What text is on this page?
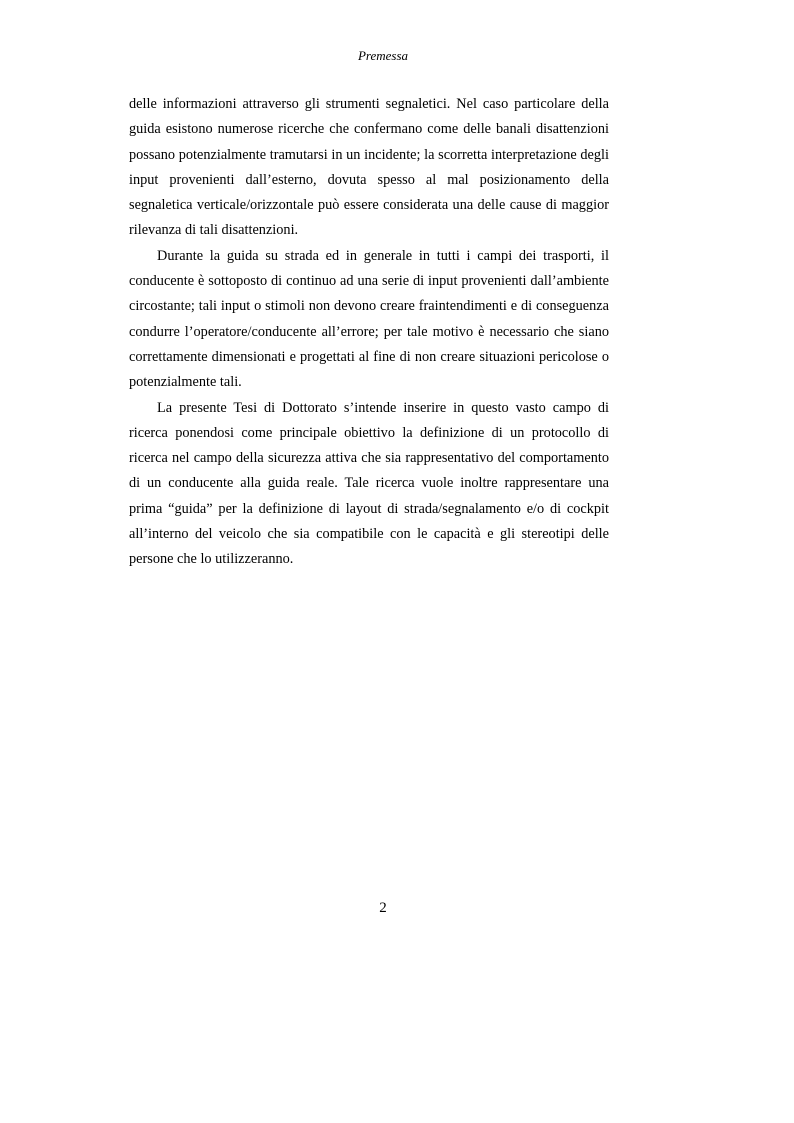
Premessa

delle informazioni attraverso gli strumenti segnaletici. Nel caso particolare della guida esistono numerose ricerche che confermano come delle banali disattenzioni possano potenzialmente tramutarsi in un incidente; la scorretta interpretazione degli input provenienti dall’esterno, dovuta spesso al mal posizionamento della segnaletica verticale/orizzontale può essere considerata una delle cause di maggior rilevanza di tali disattenzioni.

Durante la guida su strada ed in generale in tutti i campi dei trasporti, il conducente è sottoposto di continuo ad una serie di input provenienti dall’ambiente circostante; tali input o stimoli non devono creare fraintendimenti e di conseguenza condurre l’operatore/conducente all’errore; per tale motivo è necessario che siano correttamente dimensionati e progettati al fine di non creare situazioni pericolose o potenzialmente tali.

La presente Tesi di Dottorato s’intende inserire in questo vasto campo di ricerca ponendosi come principale obiettivo la definizione di un protocollo di ricerca nel campo della sicurezza attiva che sia rappresentativo del comportamento di un conducente alla guida reale. Tale ricerca vuole inoltre rappresentare una prima “guida” per la definizione di layout di strada/segnalamento e/o di cockpit all’interno del veicolo che sia compatibile con le capacità e gli stereotipi delle persone che lo utilizzeranno.

2
